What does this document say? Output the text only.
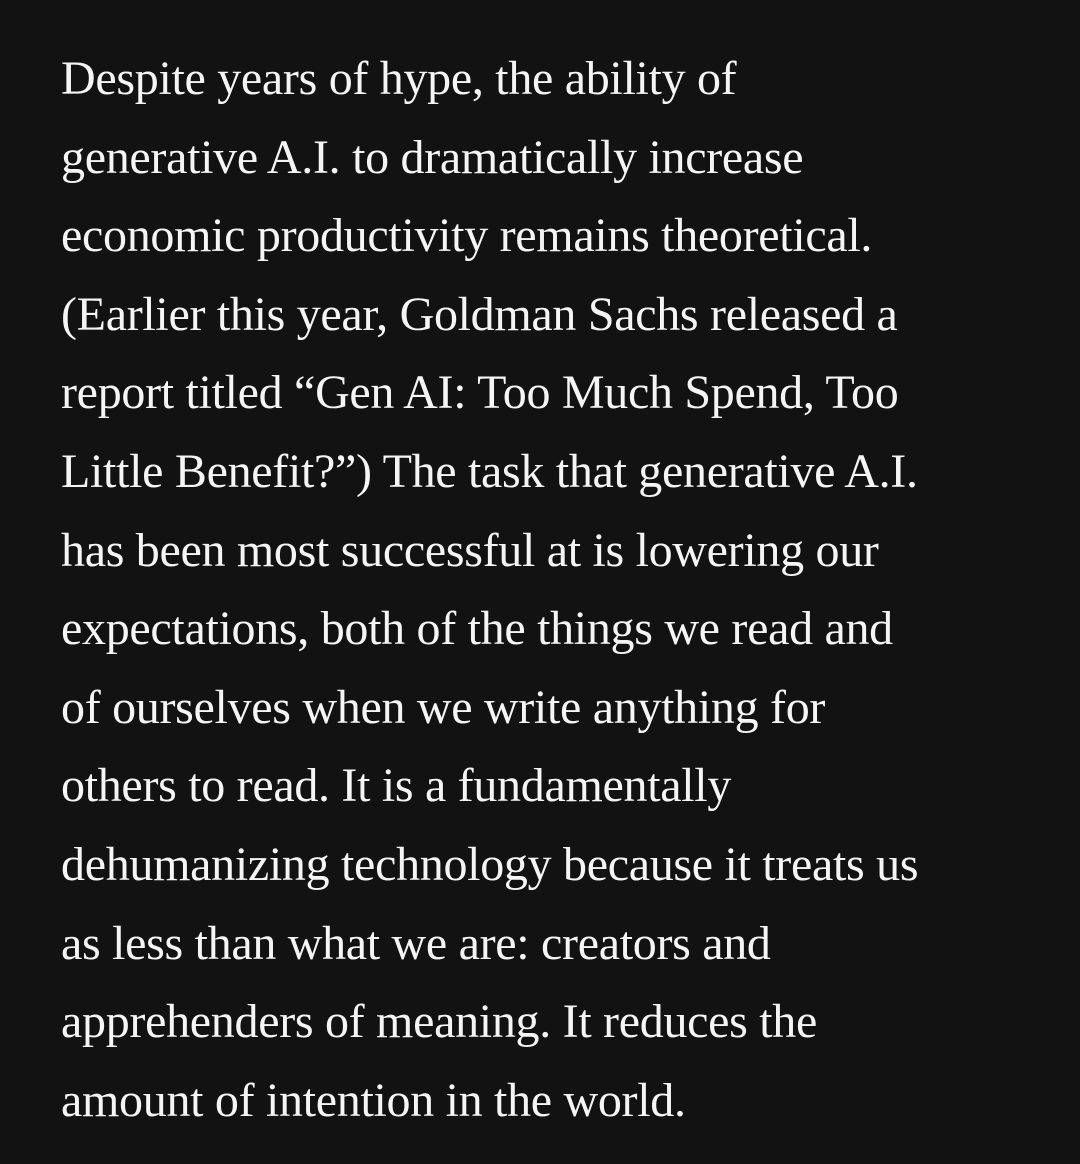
Despite years of hype, the ability of
generative A.I. to dramatically increase
economic productivity remains theoretical.
(Earlier this year, Goldman Sachs released a
report titled “Gen AI: Too Much Spend, Too
Little Benefit?”) The task that generative A.I.
has been most successful at is lowering our
expectations, both of the things we read and
of ourselves when we write anything for
others to read. It is a fundamentally
dehumanizing technology because it treats us
as less than what we are: creators and
apprehenders of meaning. It reduces the
amount of intention in the world.
